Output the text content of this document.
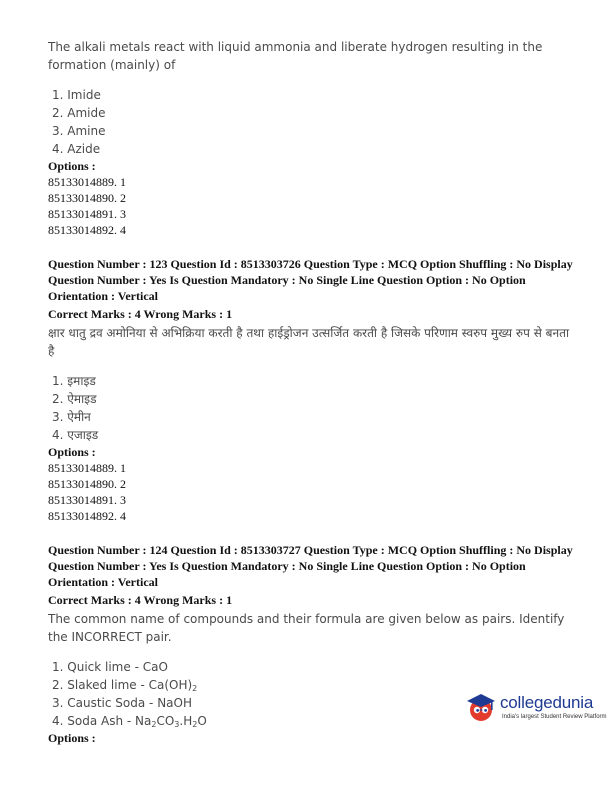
The alkali metals react with liquid ammonia and liberate hydrogen resulting in the formation (mainly) of

1. Imide
2. Amide
3. Amine
4. Azide
Options :
85133014889. 1
85133014890. 2
85133014891. 3
85133014892. 4
Question Number : 123 Question Id : 8513303726 Question Type : MCQ Option Shuffling : No Display Question Number : Yes Is Question Mandatory : No Single Line Question Option : No Option Orientation : Vertical
Correct Marks : 4 Wrong Marks : 1

क्षार धातु द्रव अमोनिया से अभिक्रिया करती है तथा हाईड्रोजन उत्सर्जित करती है जिसके परिणाम स्वरुप मुख्य रुप से बनता है

1. इमाइड
2. ऐमाइड
3. ऐमीन
4. एजाइड
Options :
85133014889. 1
85133014890. 2
85133014891. 3
85133014892. 4
Question Number : 124 Question Id : 8513303727 Question Type : MCQ Option Shuffling : No Display Question Number : Yes Is Question Mandatory : No Single Line Question Option : No Option Orientation : Vertical
Correct Marks : 4 Wrong Marks : 1

The common name of compounds and their formula are given below as pairs. Identify the INCORRECT pair.

1. Quick lime - CaO
2. Slaked lime - $Ca(OH)_2$
3. Caustic Soda - NaOH
4. Soda Ash - $Na_2CO_3.H_2O$
Options :
collegedunia
India's largest Student Review Platform
